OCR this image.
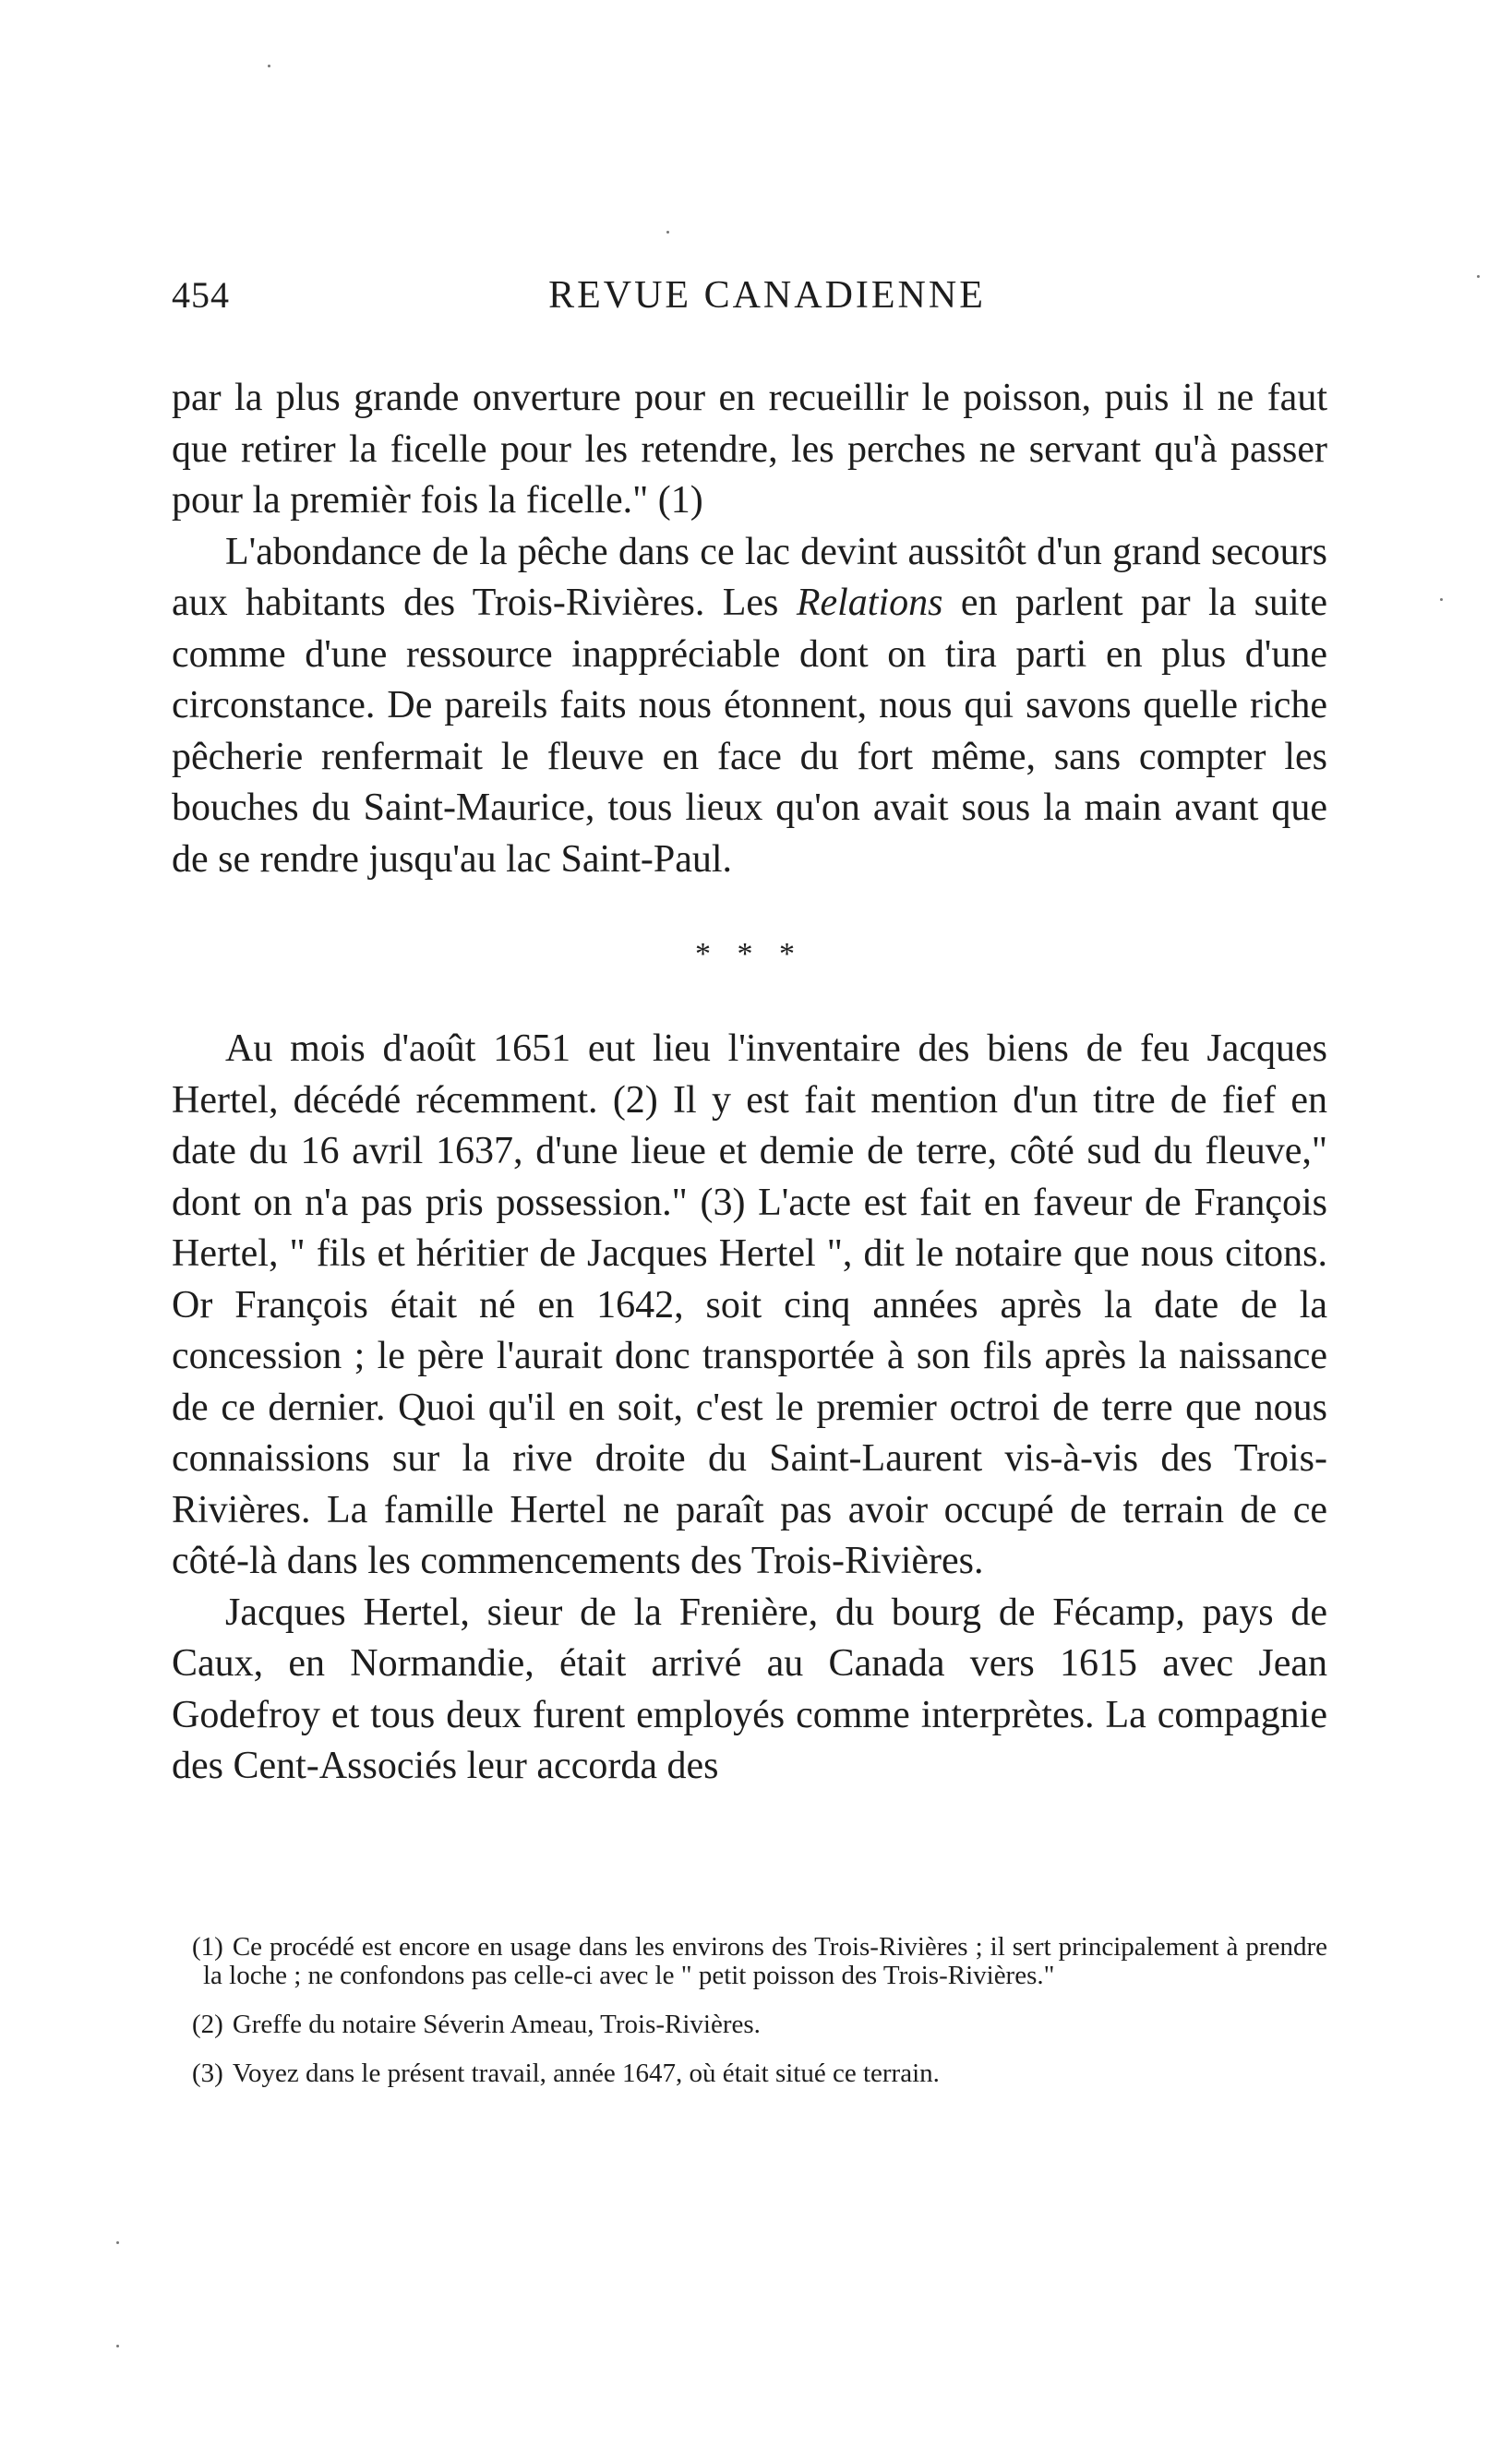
454	REVUE CANADIENNE

par la plus grande onverture pour en recueillir le poisson, puis il ne faut que retirer la ficelle pour les retendre, les perches ne servant qu'à passer pour la premièr fois la ficelle." (1)

L'abondance de la pêche dans ce lac devint aussitôt d'un grand secours aux habitants des Trois-Rivières. Les Relations en parlent par la suite comme d'une ressource inappréciable dont on tira parti en plus d'une circonstance. De pareils faits nous étonnent, nous qui savons quelle riche pêcherie renfermait le fleuve en face du fort même, sans compter les bouches du Saint-Maurice, tous lieux qu'on avait sous la main avant que de se rendre jusqu'au lac Saint-Paul.

* * *

Au mois d'août 1651 eut lieu l'inventaire des biens de feu Jacques Hertel, décédé récemment. (2) Il y est fait mention d'un titre de fief en date du 16 avril 1637, d'une lieue et demie de terre, côté sud du fleuve," dont on n'a pas pris possession." (3) L'acte est fait en faveur de François Hertel, " fils et héritier de Jacques Hertel ", dit le notaire que nous citons. Or François était né en 1642, soit cinq années après la date de la concession ; le père l'aurait donc transportée à son fils après la naissance de ce dernier. Quoi qu'il en soit, c'est le premier octroi de terre que nous connaissions sur la rive droite du Saint-Laurent vis-à-vis des Trois-Rivières. La famille Hertel ne paraît pas avoir occupé de terrain de ce côté-là dans les commencements des Trois-Rivières.

Jacques Hertel, sieur de la Frenière, du bourg de Fécamp, pays de Caux, en Normandie, était arrivé au Canada vers 1615 avec Jean Godefroy et tous deux furent employés comme interprètes. La compagnie des Cent-Associés leur accorda des

(1) Ce procédé est encore en usage dans les environs des Trois-Rivières ; il sert principalement à prendre la loche ; ne confondons pas celle-ci avec le " petit poisson des Trois-Rivières."

(2) Greffe du notaire Séverin Ameau, Trois-Rivières.

(3) Voyez dans le présent travail, année 1647, où était situé ce terrain.
